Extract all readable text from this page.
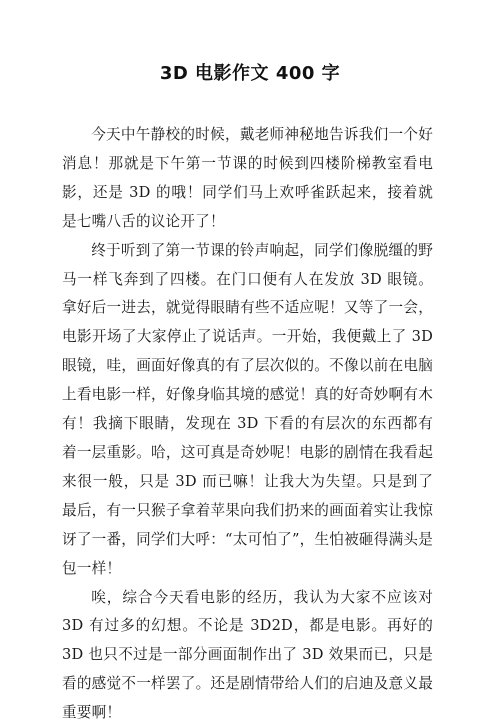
3D 电影作文 400 字

今天中午静校的时候，戴老师神秘地告诉我们一个好消息！那就是下午第一节课的时候到四楼阶梯教室看电影，还是 3D 的哦！同学们马上欢呼雀跃起来，接着就是七嘴八舌的议论开了！

终于听到了第一节课的铃声响起，同学们像脱缰的野马一样飞奔到了四楼。在门口便有人在发放 3D 眼镜。拿好后一进去，就觉得眼睛有些不适应呢！又等了一会，电影开场了大家停止了说话声。一开始，我便戴上了 3D 眼镜，哇，画面好像真的有了层次似的。不像以前在电脑上看电影一样，好像身临其境的感觉！真的好奇妙啊有木有！我摘下眼睛，发现在 3D 下看的有层次的东西都有着一层重影。哈，这可真是奇妙呢！电影的剧情在我看起来很一般，只是 3D 而已嘛！让我大为失望。只是到了最后，有一只猴子拿着苹果向我们扔来的画面着实让我惊讶了一番，同学们大呼：“太可怕了”，生怕被砸得满头是包一样！

唉，综合今天看电影的经历，我认为大家不应该对 3D 有过多的幻想。不论是 3D2D，都是电影。再好的 3D 也只不过是一部分画面制作出了 3D 效果而已，只是看的感觉不一样罢了。还是剧情带给人们的启迪及意义最重要啊！
